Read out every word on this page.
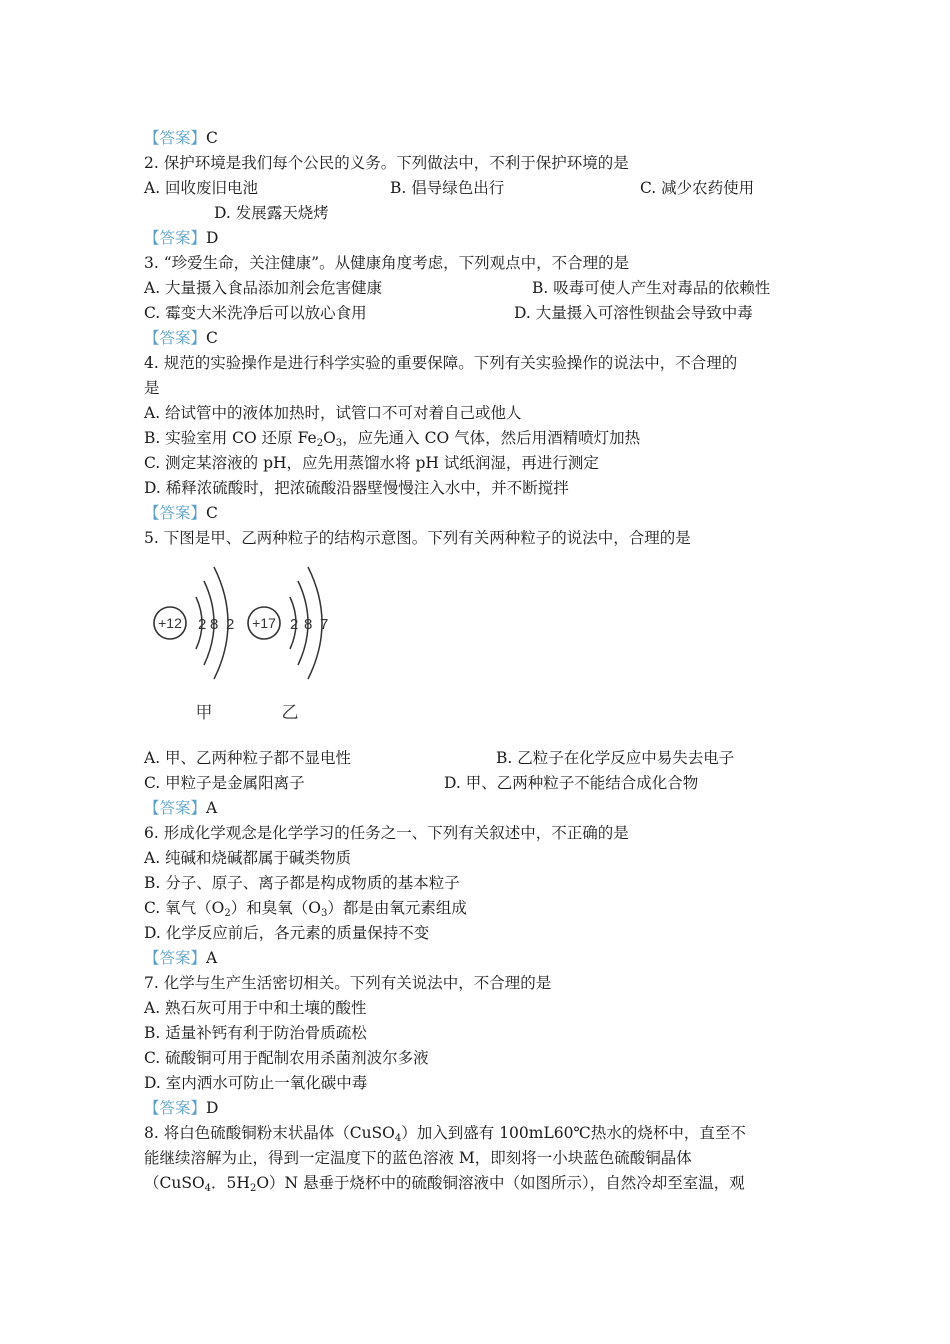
【答案】C
2. 保护环境是我们每个公民的义务。下列做法中，不利于保护环境的是
A. 回收废旧电池	B. 倡导绿色出行	C. 减少农药使用
D. 发展露天烧烤
【答案】D
3. “珍爱生命，关注健康”。从健康角度考虑，下列观点中，不合理的是
A. 大量摄入食品添加剂会危害健康	B. 吸毒可使人产生对毒品的依赖性
C. 霉变大米洗净后可以放心食用	D. 大量摄入可溶性钡盐会导致中毒
【答案】C
4. 规范的实验操作是进行科学实验的重要保障。下列有关实验操作的说法中，不合理的
是
A. 给试管中的液体加热时，试管口不可对着自己或他人
B. 实验室用 CO 还原 $Fe_2O_3$，应先通入 CO 气体，然后用酒精喷灯加热
C. 测定某溶液的 pH，应先用蒸馏水将 pH 试纸润湿，再进行测定
D. 稀释浓硫酸时，把浓硫酸沿器壁慢慢注入水中，并不断搅拌
【答案】C
5. 下图是甲、乙两种粒子的结构示意图。下列有关两种粒子的说法中，合理的是
+12 2 8 2
甲
+17 2 8 7
乙
A. 甲、乙两种粒子都不显电性	B. 乙粒子在化学反应中易失去电子
C. 甲粒子是金属阳离子	D. 甲、乙两种粒子不能结合成化合物
【答案】A
6. 形成化学观念是化学学习的任务之一、下列有关叙述中，不正确的是
A. 纯碱和烧碱都属于碱类物质
B. 分子、原子、离子都是构成物质的基本粒子
C. 氧气$(O_2)$和臭氧$(O_3)$都是由氧元素组成
D. 化学反应前后，各元素的质量保持不变
【答案】A
7. 化学与生产生活密切相关。下列有关说法中，不合理的是
A. 熟石灰可用于中和土壤的酸性
B. 适量补钙有利于防治骨质疏松
C. 硫酸铜可用于配制农用杀菌剂波尔多液
D. 室内洒水可防止一氧化碳中毒
【答案】D
8. 将白色硫酸铜粉末状晶体（CuSO$_4$）加入到盛有 100mL60℃热水的烧杯中，直至不
能继续溶解为止，得到一定温度下的蓝色溶液 M，即刻将一小块蓝色硫酸铜晶体
（CuSO$_4$．$5H_2O)N$ 悬垂于烧杯中的硫酸铜溶液中（如图所示），自然冷却至室温，观
